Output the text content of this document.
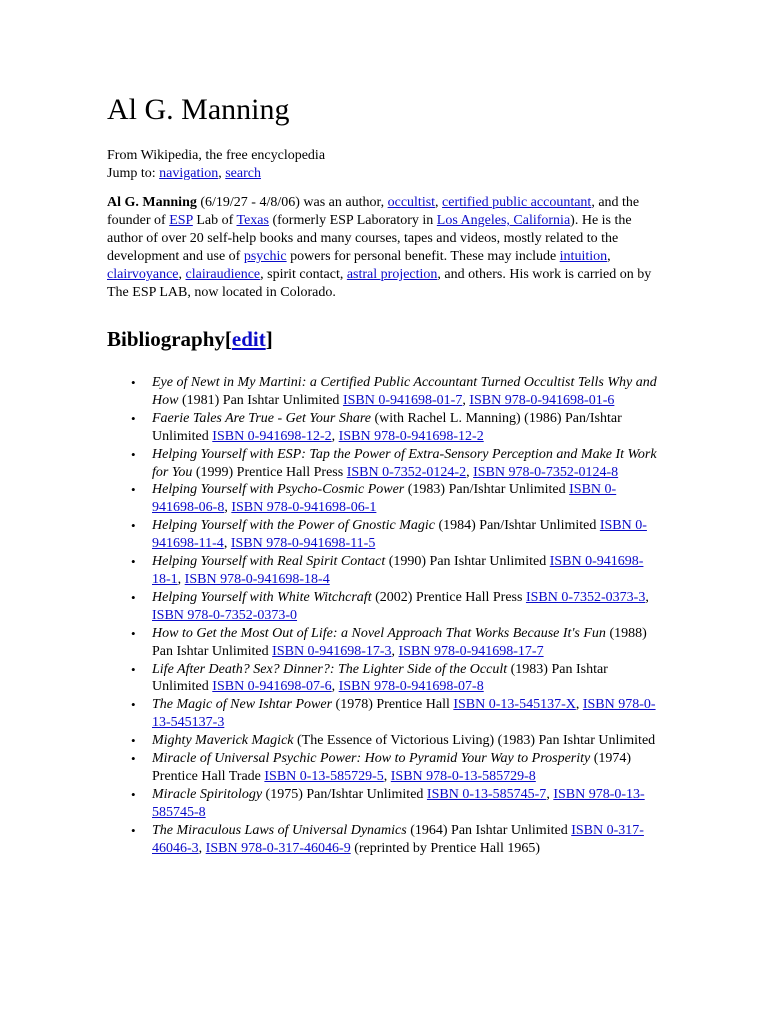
Al G. Manning
From Wikipedia, the free encyclopedia
Jump to: navigation, search

Al G. Manning (6/19/27 - 4/8/06) was an author, occultist, certified public accountant, and the founder of ESP Lab of Texas (formerly ESP Laboratory in Los Angeles, California). He is the author of over 20 self-help books and many courses, tapes and videos, mostly related to the development and use of psychic powers for personal benefit. These may include intuition, clairvoyance, clairaudience, spirit contact, astral projection, and others. His work is carried on by The ESP LAB, now located in Colorado.

Bibliography[edit]
• Eye of Newt in My Martini: a Certified Public Accountant Turned Occultist Tells Why and How (1981) Pan Ishtar Unlimited ISBN 0-941698-01-7, ISBN 978-0-941698-01-6
• Faerie Tales Are True - Get Your Share (with Rachel L. Manning) (1986) Pan/Ishtar Unlimited ISBN 0-941698-12-2, ISBN 978-0-941698-12-2
• Helping Yourself with ESP: Tap the Power of Extra-Sensory Perception and Make It Work for You (1999) Prentice Hall Press ISBN 0-7352-0124-2, ISBN 978-0-7352-0124-8
• Helping Yourself with Psycho-Cosmic Power (1983) Pan/Ishtar Unlimited ISBN 0-941698-06-8, ISBN 978-0-941698-06-1
• Helping Yourself with the Power of Gnostic Magic (1984) Pan/Ishtar Unlimited ISBN 0-941698-11-4, ISBN 978-0-941698-11-5
• Helping Yourself with Real Spirit Contact (1990) Pan Ishtar Unlimited ISBN 0-941698-18-1, ISBN 978-0-941698-18-4
• Helping Yourself with White Witchcraft (2002) Prentice Hall Press ISBN 0-7352-0373-3, ISBN 978-0-7352-0373-0
• How to Get the Most Out of Life: a Novel Approach That Works Because It's Fun (1988) Pan Ishtar Unlimited ISBN 0-941698-17-3, ISBN 978-0-941698-17-7
• Life After Death? Sex? Dinner?: The Lighter Side of the Occult (1983) Pan Ishtar Unlimited ISBN 0-941698-07-6, ISBN 978-0-941698-07-8
• The Magic of New Ishtar Power (1978) Prentice Hall ISBN 0-13-545137-X, ISBN 978-0-13-545137-3
• Mighty Maverick Magick (The Essence of Victorious Living) (1983) Pan Ishtar Unlimited
• Miracle of Universal Psychic Power: How to Pyramid Your Way to Prosperity (1974) Prentice Hall Trade ISBN 0-13-585729-5, ISBN 978-0-13-585729-8
• Miracle Spiritology (1975) Pan/Ishtar Unlimited ISBN 0-13-585745-7, ISBN 978-0-13-585745-8
• The Miraculous Laws of Universal Dynamics (1964) Pan Ishtar Unlimited ISBN 0-317-46046-3, ISBN 978-0-317-46046-9 (reprinted by Prentice Hall 1965)
